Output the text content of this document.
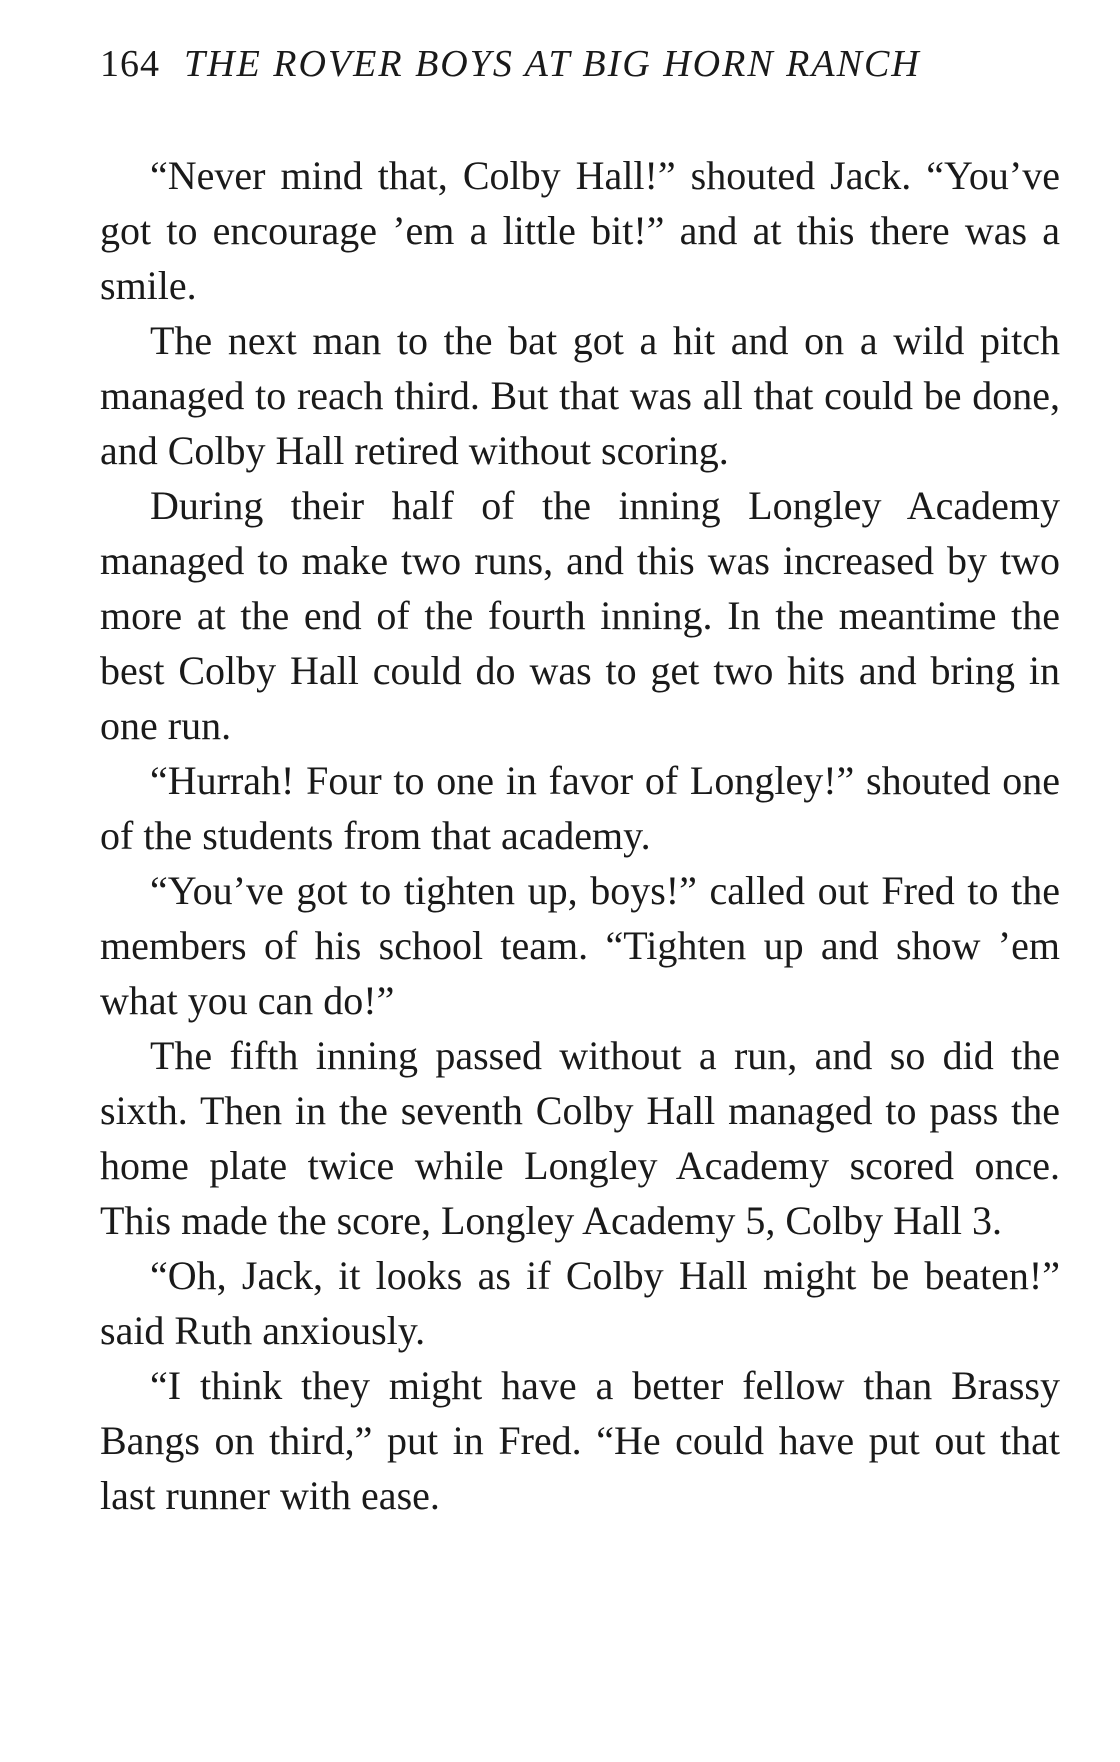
164 THE ROVER BOYS AT BIG HORN RANCH

“Never mind that, Colby Hall!” shouted Jack. “You’ve got to encourage ’em a little bit!” and at this there was a smile.

The next man to the bat got a hit and on a wild pitch managed to reach third. But that was all that could be done, and Colby Hall retired without scoring.

During their half of the inning Longley Academy managed to make two runs, and this was increased by two more at the end of the fourth inning. In the meantime the best Colby Hall could do was to get two hits and bring in one run.

“Hurrah! Four to one in favor of Longley!” shouted one of the students from that academy.

“You’ve got to tighten up, boys!” called out Fred to the members of his school team. “Tighten up and show ’em what you can do!”

The fifth inning passed without a run, and so did the sixth. Then in the seventh Colby Hall managed to pass the home plate twice while Longley Academy scored once. This made the score, Longley Academy 5, Colby Hall 3.

“Oh, Jack, it looks as if Colby Hall might be beaten!” said Ruth anxiously.

“I think they might have a better fellow than Brassy Bangs on third,” put in Fred. “He could have put out that last runner with ease.
